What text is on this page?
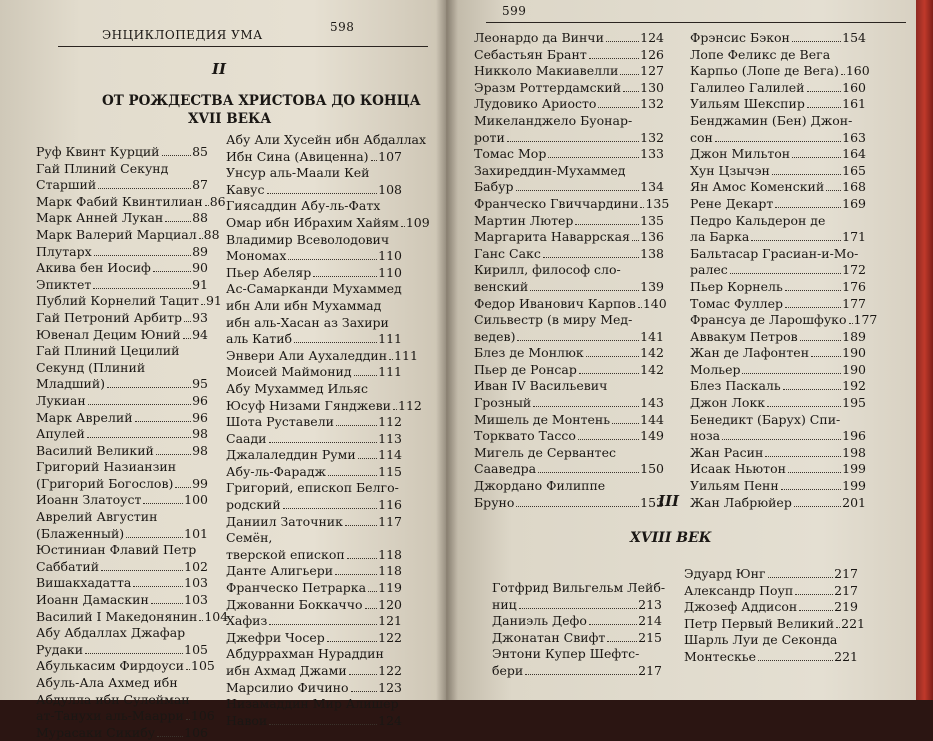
ЭНЦИКЛОПЕДИЯ УМА
598
II
ОТ РОЖДЕСТВА ХРИСТОВА ДО КОНЦА
XVII ВЕКА
Руф Квинт Курций	85
Гай Плиний Секунд
Старший	87
Марк Фабий Квинтилиан 86
Марк Анней Лукан 88
Марк Валерий Марциал 88
Плутарх	89
Акива бен Иосиф	90
Эпиктет	91
Публий Корнелий Тацит 91
Гай Петроний Арбитр 93
Ювенал Децим Юний 94
Гай Плиний Цецилий
Секунд (Плиний
Младший)	95
Лукиан	96
Марк Аврелий	96
Апулей	98
Василий Великий	98
Григорий Назианзин
(Григорий Богослов) 99
Иоанн Златоуст	100
Аврелий Августин
(Блаженный)	101
Юстиниан Флавий Петр
Саббатий	102
Вишакхадатта	103
Иоанн Дамаскин	103
Василий I Македонянин 104
Абу Абдаллах Джафар
Рудаки	105
Абулькасим Фирдоуси 105
Абуль-Ала Ахмед ибн
Абдулла ибн Сулейман
ат-Танухи аль-Маарри 106
Мурасаки Сикибу 106
Абу Али Хусейн ибн Абдаллах
Ибн Сина (Авиценна) 107
Унсур аль-Маали Кей
Кавус	108
Гиясаддин Абу-ль-Фатх
Омар ибн Ибрахим Хайям 109
Владимир Всеволодович
Мономах	110
Пьер Абеляр	110
Ас-Самарканди Мухаммед
ибн Али ибн Мухаммад
ибн аль-Хасан аз Захири
аль Катиб	111
Энвери Али Аухаледдин 111
Моисей Маймонид 111
Абу Мухаммед Ильяс
Юсуф Низами Гянджеви 112
Шота Руставели	112
Саади	113
Джалаледдин Руми 114
Абу-ль-Фарадж	115
Григорий, епископ Белго-
родский	116
Даниил Заточник	117
Семён,
тверской епископ	118
Данте Алигьери	118
Франческо Петрарка 119
Джованни Боккаччо 120
Хафиз	121
Джефри Чосер	122
Абдуррахман Нураддин
ибн Ахмад Джами	122
Марсилио Фичино 123
Низамаддин Мир Алишер
Навои	124
599
Леонардо да Винчи	124
Себастьян Брант	126
Никколо Макиавелли 127
Эразм Роттердамский 130
Лудовико Ариосто	132
Микеланджело Буонар-
роти	132
Томас Мор	133
Захиреддин-Мухаммед
Бабур	134
Франческо Гвиччардини 135
Мартин Лютер	135
Маргарита Наваррская 136
Ганс Сакс	138
Кирилл, философ сло-
венский	139
Федор Иванович Карпов 140
Сильвестр (в миру Мед-
ведев)	141
Блез де Монлюк	142
Пьер де Ронсар	142
Иван IV Васильевич
Грозный	143
Мишель де Монтень 144
Торквато Тассо	149
Мигель де Сервантес
Сааведра	150
Джордано Филиппе
Бруно	153
Фрэнсис Бэкон	154
Лопе Феликс де Вега
Карпьо (Лопе де Вега) 160
Галилео Галилей	160
Уильям Шекспир	161
Бенджамин (Бен) Джон-
сон	163
Джон Мильтон	164
Хун Цзычэн	165
Ян Амос Коменский 168
Рене Декарт	169
Педро Кальдерон де
ла Барка	171
Бальтасар Грасиан-и-Мо-
ралес	172
Пьер Корнель	176
Томас Фуллер	177
Франсуа де Ларошфуко 177
Аввакум Петров	189
Жан де Лафонтен	190
Мольер	190
Блез Паскаль	192
Джон Локк	195
Бенедикт (Барух) Спи-
ноза	196
Жан Расин	198
Исаак Ньютон	199
Уильям Пенн	199
Жан Лабрюйер	201
III
XVIII ВЕК
Готфрид Вильгельм Лейб-
ниц	213
Даниэль Дефо	214
Джонатан Свифт	215
Энтони Купер Шефтс-
бери	217
Эдуард Юнг	217
Александр Поуп	217
Джозеф Аддисон	219
Петр Первый Великий 221
Шарль Луи де Секонда
Монтескье	221
